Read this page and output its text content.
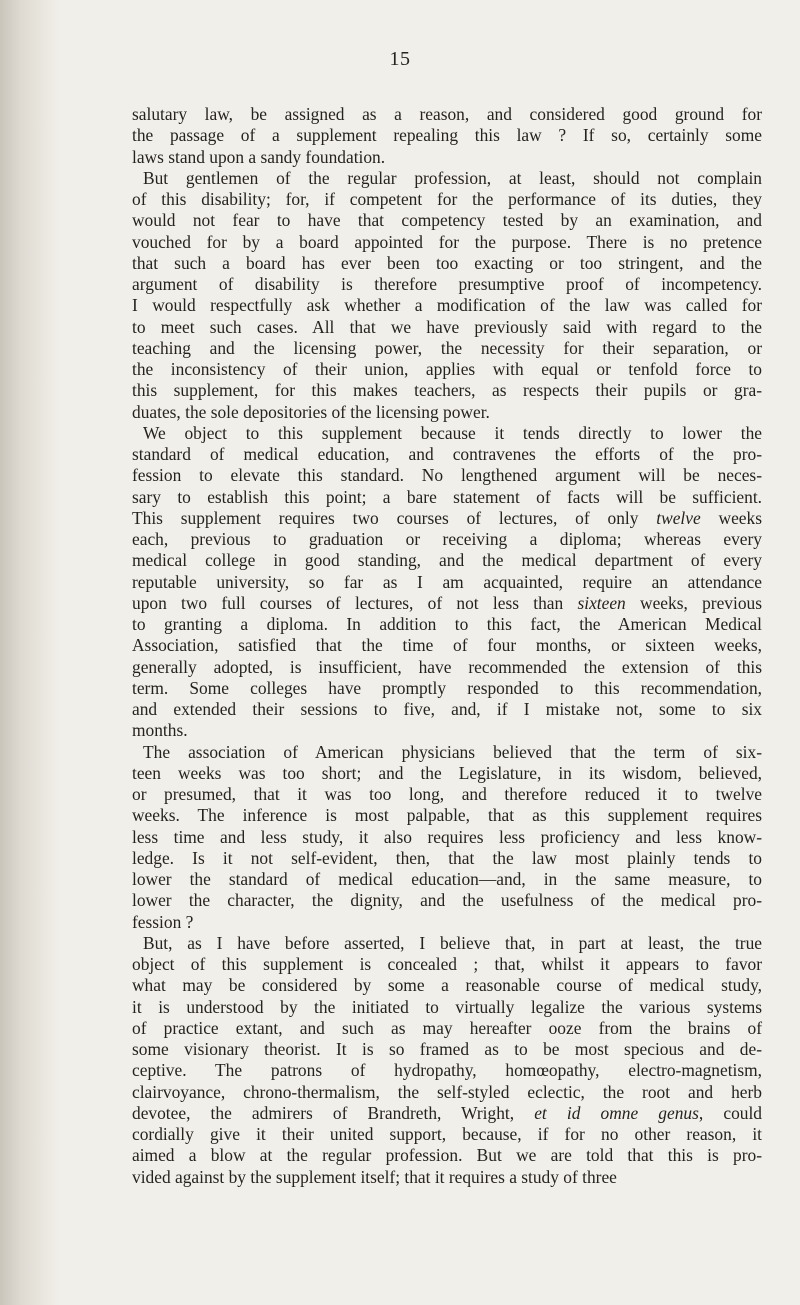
15

salutary law, be assigned as a reason, and considered good ground for
the passage of a supplement repealing this law ? If so, certainly some
laws stand upon a sandy foundation.

But gentlemen of the regular profession, at least, should not complain
of this disability; for, if competent for the performance of its duties, they
would not fear to have that competency tested by an examination, and
vouched for by a board appointed for the purpose. There is no pretence
that such a board has ever been too exacting or too stringent, and the
argument of disability is therefore presumptive proof of incompetency.
I would respectfully ask whether a modification of the law was called for
to meet such cases. All that we have previously said with regard to the
teaching and the licensing power, the necessity for their separation, or
the inconsistency of their union, applies with equal or tenfold force to
this supplement, for this makes teachers, as respects their pupils or gra-
duates, the sole depositories of the licensing power.

We object to this supplement because it tends directly to lower the
standard of medical education, and contravenes the efforts of the pro-
fession to elevate this standard. No lengthened argument will be neces-
sary to establish this point; a bare statement of facts will be sufficient.
This supplement requires two courses of lectures, of only twelve weeks
each, previous to graduation or receiving a diploma; whereas every
medical college in good standing, and the medical department of every
reputable university, so far as I am acquainted, require an attendance
upon two full courses of lectures, of not less than sixteen weeks, previous
to granting a diploma. In addition to this fact, the American Medical
Association, satisfied that the time of four months, or sixteen weeks,
generally adopted, is insufficient, have recommended the extension of this
term. Some colleges have promptly responded to this recommendation,
and extended their sessions to five, and, if I mistake not, some to six
months.

The association of American physicians believed that the term of six-
teen weeks was too short; and the Legislature, in its wisdom, believed,
or presumed, that it was too long, and therefore reduced it to twelve
weeks. The inference is most palpable, that as this supplement requires
less time and less study, it also requires less proficiency and less know-
ledge. Is it not self-evident, then, that the law most plainly tends to
lower the standard of medical education—and, in the same measure, to
lower the character, the dignity, and the usefulness of the medical pro-
fession ?

But, as I have before asserted, I believe that, in part at least, the true
object of this supplement is concealed ; that, whilst it appears to favor
what may be considered by some a reasonable course of medical study,
it is understood by the initiated to virtually legalize the various systems
of practice extant, and such as may hereafter ooze from the brains of
some visionary theorist. It is so framed as to be most specious and de-
ceptive. The patrons of hydropathy, homœopathy, electro-magnetism,
clairvoyance, chrono-thermalism, the self-styled eclectic, the root and herb
devotee, the admirers of Brandreth, Wright, et id omne genus, could
cordially give it their united support, because, if for no other reason, it
aimed a blow at the regular profession. But we are told that this is pro-
vided against by the supplement itself; that it requires a study of three
